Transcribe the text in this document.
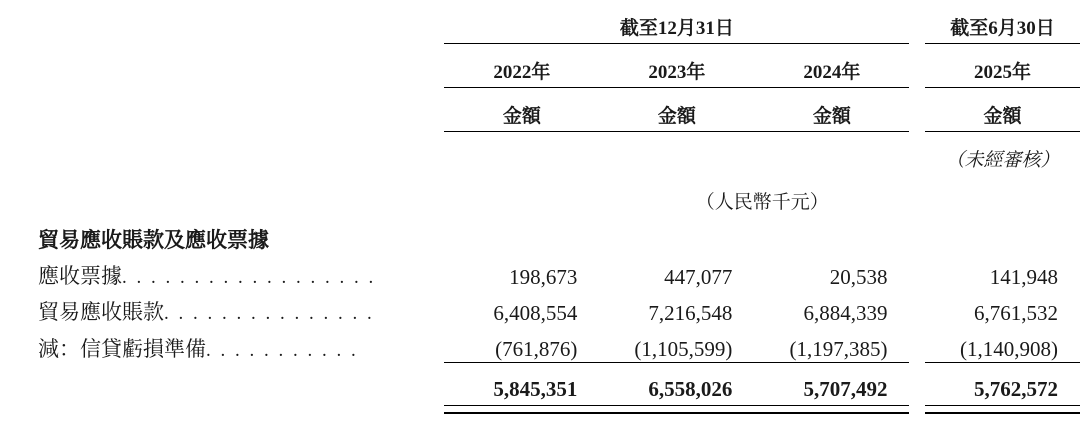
	截至12月31日				截至6月30日

	2022年	2023年	2024年		2025年

	金額	金額	金額		金額

					（未經審核）
	（人民幣千元）				
貿易應收賬款及應收票據					
應收票據. . . . . . . . . . . . . . . . . .	198,673	447,077	20,538		141,948
貿易應收賬款. . . . . . . . . . . . . . .	6,408,554	7,216,548	6,884,339		6,761,532
減：信貸虧損準備. . . . . . . . . . .	(761,876)	(1,105,599)	(1,197,385)		(1,140,908)

	5,845,351	6,558,026	5,707,492		5,762,572
